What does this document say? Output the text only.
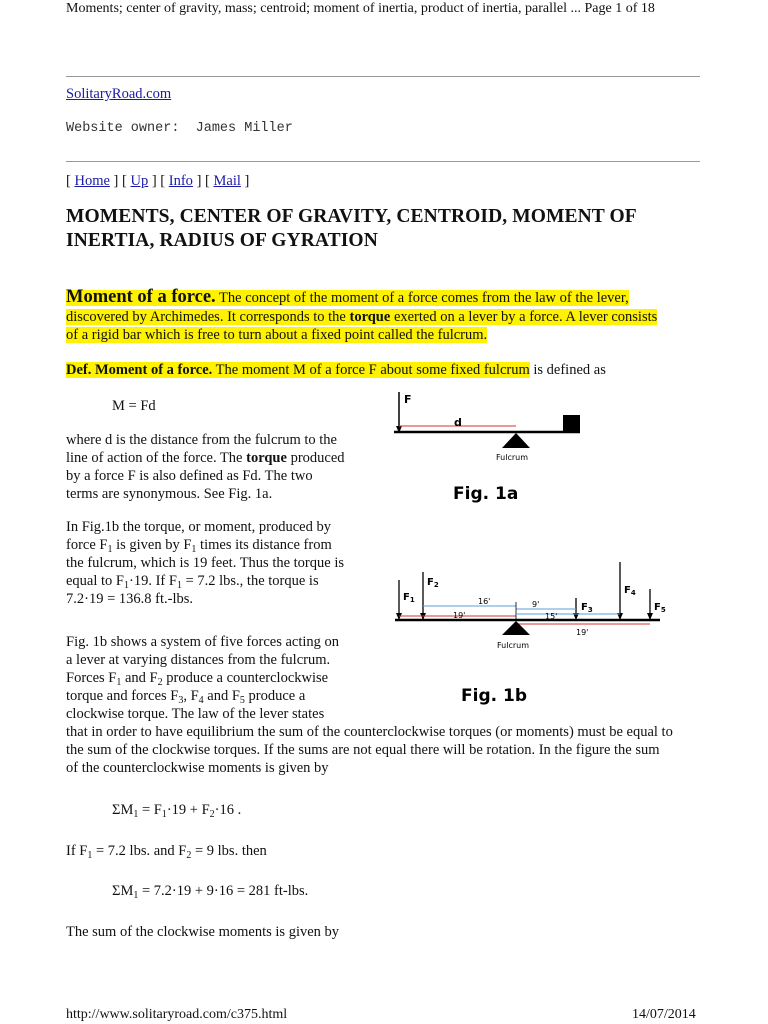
Moments; center of gravity, mass; centroid; moment of inertia, product of inertia, parallel ... Page 1 of 18
SolitaryRoad.com
Website owner:  James Miller
[ Home ] [ Up ] [ Info ] [ Mail ]
MOMENTS, CENTER OF GRAVITY, CENTROID, MOMENT OF
INERTIA, RADIUS OF GYRATION
Moment of a force. The concept of the moment of a force comes from the law of the lever,
discovered by Archimedes. It corresponds to the torque exerted on a lever by a force. A lever consists
of a rigid bar which is free to turn about a fixed point called the fulcrum.
Def. Moment of a force. The moment M of a force F about some fixed fulcrum is defined as
M = Fd
where d is the distance from the fulcrum to the
line of action of the force. The torque produced
by a force F is also defined as Fd. The two
terms are synonymous. See Fig. 1a.
In Fig.1b the torque, or moment, produced by
force $F_1$ is given by $F_1$ times its distance from
the fulcrum, which is 19 feet. Thus the torque is
equal to $F_1\cdot 19$. If $F_1 = 7.2$ lbs., the torque is
7.2·19 = 136.8 ft.-lbs.
Fig. 1b shows a system of five forces acting on
a lever at varying distances from the fulcrum.
Forces $F_1$ and $F_2$ produce a counterclockwise
torque and forces $F_3$, $F_4$ and $F_5$ produce a
clockwise torque. The law of the lever states
that in order to have equilibrium the sum of the counterclockwise torques (or moments) must be equal to
the sum of the clockwise torques. If the sums are not equal there will be rotation. In the figure the sum
of the counterclockwise moments is given by
$\Sigma M_1 = F_1\cdot 19 + F_2\cdot 16$ .
If $F_1 = 7.2$ lbs. and $F_2 = 9$ lbs. then
$\Sigma M_1 = 7.2\cdot 19 + 9\cdot 16 = 281$ ft-lbs.
The sum of the clockwise moments is given by
F
d
Fulcrum
Fig. 1a
$F_1$
$F_2$
$F_3$
$F_4$
$F_5$
16'
19'
9'
15'
19'
Fulcrum
Fig. 1b
http://www.solitaryroad.com/c375.html	14/07/2014
